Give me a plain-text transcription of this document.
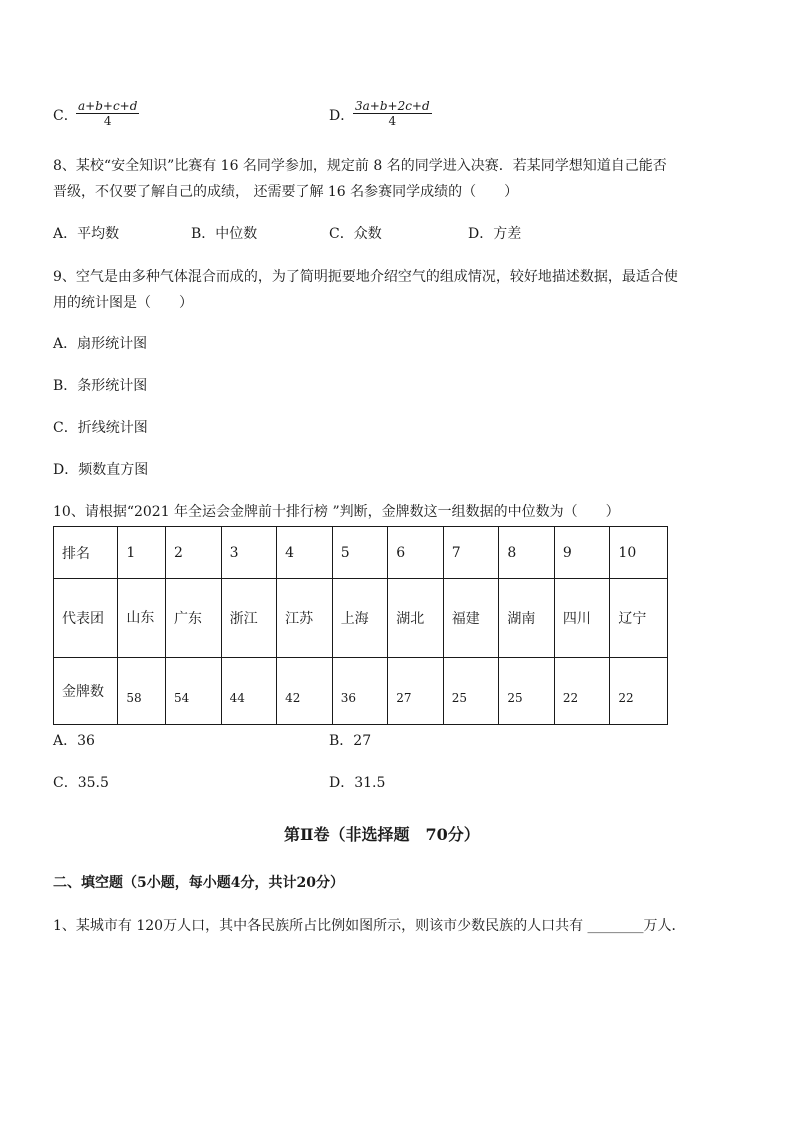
C．
$\frac{a+b+c+d}{4}$	D．
$\frac{3a+b+2c+d}{4}$
8、某校“安全知识”比赛有 16 名同学参加，规定前 8 名的同学进入决赛．若某同学想知道自己能否
晋级，不仅要了解自己的成绩， 还需要了解 16 名参赛同学成绩的（　　）
A．平均数	B．中位数	C．众数	D．方差
9、空气是由多种气体混合而成的，为了简明扼要地介绍空气的组成情况，较好地描述数据，最适合使
用的统计图是（　　）
A．扇形统计图
B．条形统计图
C．折线统计图
D．频数直方图
10、请根据“2021 年全运会金牌前十排行榜 ”判断，金牌数这一组数据的中位数为（　　）
排名	1	2	3	4	5	6	7	8	9	10
代表团	山东	广东	浙江	江苏	上海	湖北	福建	湖南	四川	辽宁
金牌数	58	54	44	42	36	27	25	25	22	22
A．36	B．27
C．35.5	D．31.5
第Ⅱ卷（非选择题　70分）
二、填空题（5小题，每小题4分，共计20分）
1、某城市有 120万人口，其中各民族所占比例如图所示，则该市少数民族的人口共有 ________万人．
